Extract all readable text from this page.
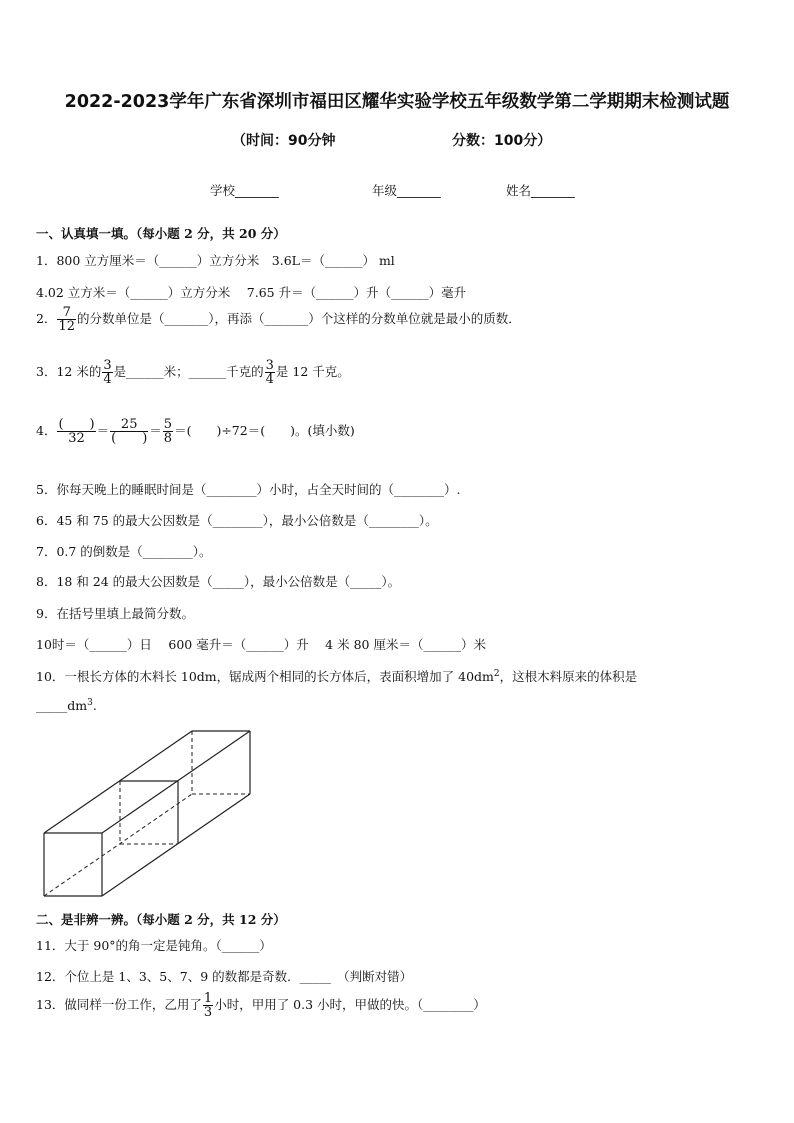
2022-2023学年广东省深圳市福田区耀华实验学校五年级数学第二学期期末检测试题
（时间：90分钟	分数：100分）
学校_______	年级_______	姓名_______
一、认真填一填。（每小题 2 分，共 20 分）
1．800 立方厘米＝（______）立方分米　3.6L＝（______） ml
4.02 立方米＝（______）立方分米　 7.65 升＝（______）升（______）毫升
2． $\frac{7}{12}$ 的分数单位是（_______），再添（_______）个这样的分数单位就是最小的质数．
3．12 米的 $\frac{3}{4}$ 是______米；______千克的 $\frac{3}{4}$ 是 12 千克。
4． $\frac{( )}{32} = \frac{25}{( )} = \frac{5}{8}$ ＝(　　)÷72＝(　　)。(填小数)
5．你每天晚上的睡眠时间是（________）小时，占全天时间的（________）.
6．45 和 75 的最大公因数是（________），最小公倍数是（________）。
7．0.7 的倒数是（________）。
8．18 和 24 的最大公因数是（_____），最小公倍数是（_____）。
9．在括号里填上最简分数。
10时＝（______）日　 600 毫升＝（______）升　 4 米 80 厘米＝（______）米
10．一根长方体的木料长 10dm，锯成两个相同的长方体后，表面积增加了 $40dm^2$，这根木料原来的体积是
$\_\_\_\_\_dm^3$.
二、是非辨一辨。（每小题 2 分，共 12 分）
11．大于 90°的角一定是钝角。（______）
12．个位上是 1、3、5、7、9 的数都是奇数．_____　（判断对错）
13．做同样一份工作，乙用了 $\frac{1}{3}$ 小时，甲用了 0.3 小时，甲做的快。（________）
